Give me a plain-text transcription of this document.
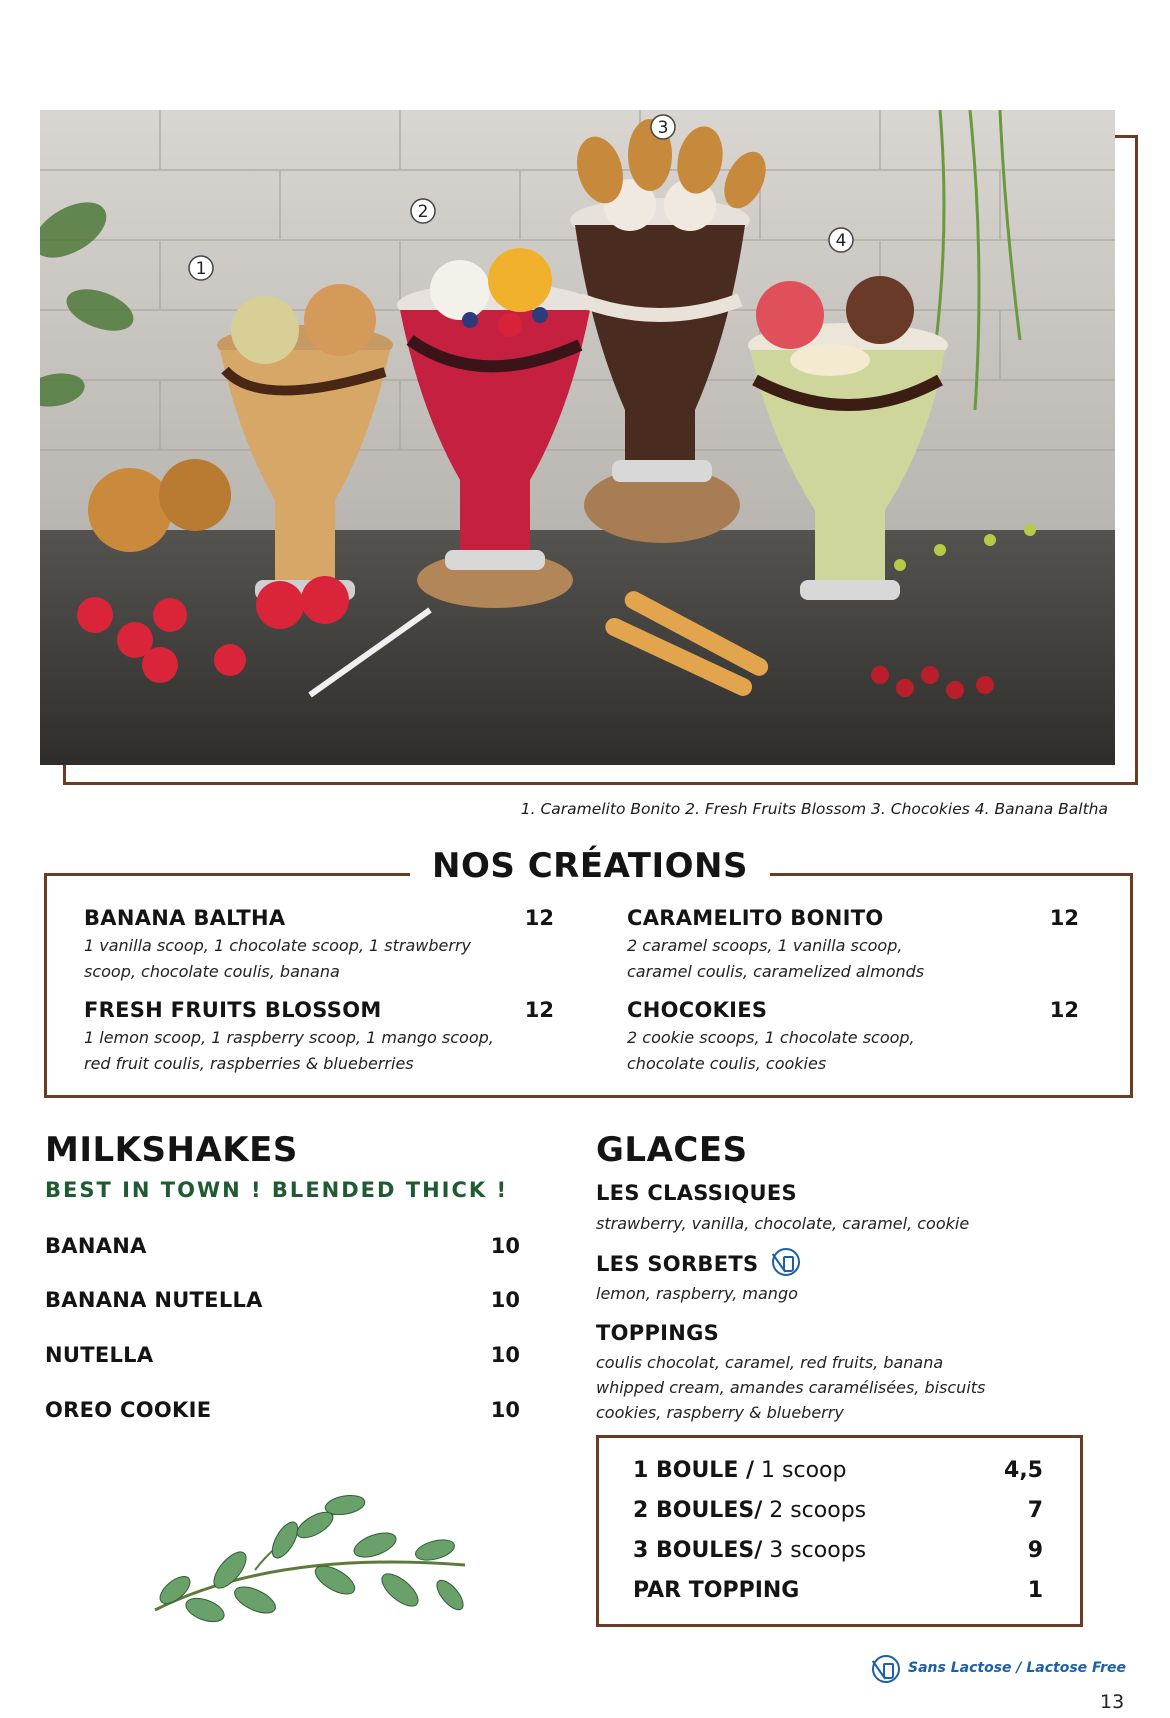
1
2
3
4
1. Caramelito Bonito 2. Fresh Fruits Blossom 3. Chocokies 4. Banana Baltha
NOS CRÉATIONS
BANANA BALTHA	12
1 vanilla scoop, 1 chocolate scoop, 1 strawberry
scoop, chocolate coulis, banana
CARAMELITO BONITO	12
2 caramel scoops, 1 vanilla scoop,
caramel coulis, caramelized almonds
FRESH FRUITS BLOSSOM	12
1 lemon scoop, 1 raspberry scoop, 1 mango scoop,
red fruit coulis, raspberries & blueberries
CHOCOKIES	12
2 cookie scoops, 1 chocolate scoop,
chocolate coulis, cookies
MILKSHAKES
BEST IN TOWN ! BLENDED THICK !
BANANA	10
BANANA NUTELLA	10
NUTELLA	10
OREO COOKIE	10
GLACES
LES CLASSIQUES
strawberry, vanilla, chocolate, caramel, cookie
LES SORBETS
lemon, raspberry, mango
TOPPINGS
coulis chocolat, caramel, red fruits, banana
whipped cream, amandes caramélisées, biscuits
cookies, raspberry & blueberry
1 BOULE / 1 scoop	4,5
2 BOULES/ 2 scoops	7
3 BOULES/ 3 scoops	9
PAR TOPPING	1
Sans Lactose / Lactose Free
13
